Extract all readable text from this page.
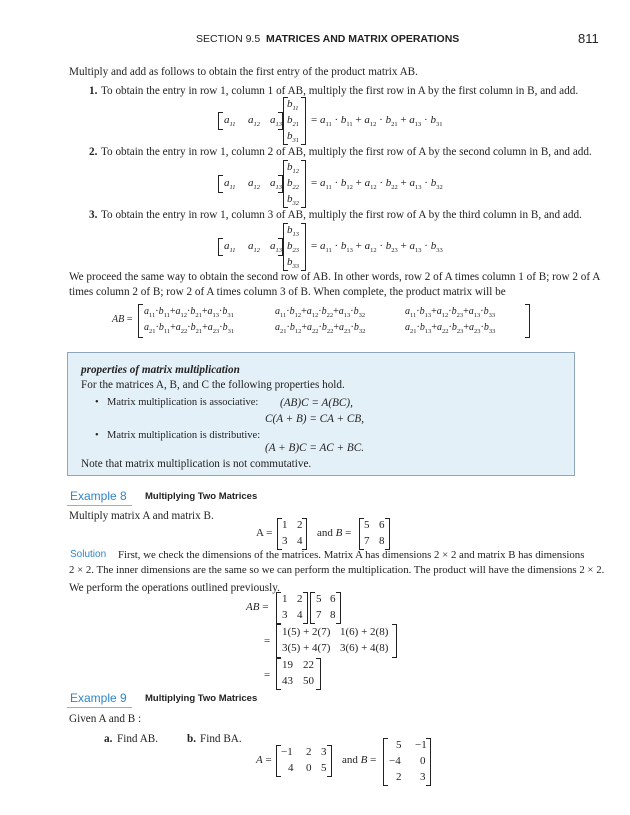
SECTION 9.5 MATRICES AND MATRIX OPERATIONS	811
Multiply and add as follows to obtain the first entry of the product matrix AB.
1. To obtain the entry in row 1, column 1 of AB, multiply the first row in A by the first column in B, and add.
$a_{11}$ $a_{12}$ $a_{13}$
$b_{11}$
$b_{21}$
$b_{31}$
= $a_{11} \cdot b_{11} + a_{12} \cdot b_{21} + a_{13} \cdot b_{31}$
2. To obtain the entry in row 1, column 2 of AB, multiply the first row of A by the second column in B, and add.
$a_{11}$ $a_{12}$ $a_{13}$
$b_{12}$
$b_{22}$
$b_{32}$
= $a_{11} \cdot b_{12} + a_{12} \cdot b_{22} + a_{13} \cdot b_{32}$
3. To obtain the entry in row 1, column 3 of AB, multiply the first row of A by the third column in B, and add.
$a_{11}$ $a_{12}$ $a_{13}$
$b_{13}$
$b_{23}$
$b_{33}$
= $a_{11} \cdot b_{13} + a_{12} \cdot b_{23} + a_{13} \cdot b_{33}$
We proceed the same way to obtain the second row of AB. In other words, row 2 of A times column 1 of B; row 2 of A
times column 2 of B; row 2 of A times column 3 of B. When complete, the product matrix will be
AB =
$a_{11}\cdot b_{11}+a_{12}\cdot b_{21}+a_{13}\cdot b_{31}$
$a_{21}\cdot b_{11}+a_{22}\cdot b_{21}+a_{23}\cdot b_{31}$
$a_{11}\cdot b_{12}+a_{12}\cdot b_{22}+a_{13}\cdot b_{32}$
$a_{21}\cdot b_{12}+a_{22}\cdot b_{22}+a_{23}\cdot b_{32}$
$a_{11}\cdot b_{13}+a_{12}\cdot b_{23}+a_{13}\cdot b_{33}$
$a_{21}\cdot b_{13}+a_{22}\cdot b_{23}+a_{23}\cdot b_{33}$
properties of matrix multiplication
For the matrices A, B, and C the following properties hold.
• Matrix multiplication is associative: (AB)C = A(BC),
C(A + B) = CA + CB,
• Matrix multiplication is distributive:
(A + B)C = AC + BC.
Note that matrix multiplication is not commutative.
Example 8 Multiplying Two Matrices
Multiply matrix A and matrix B.
A =
1 2
3 4
and B =
5 6
7 8
Solution First, we check the dimensions of the matrices. Matrix A has dimensions 2 × 2 and matrix B has dimensions
2 × 2. The inner dimensions are the same so we can perform the multiplication. The product will have the dimensions 2 × 2.
We perform the operations outlined previously.
AB =
1 2
3 4
5 6
7 8
=
1(5) + 2(7) 1(6) + 2(8)
3(5) + 4(7) 3(6) + 4(8)
=
19 22
43 50
Example 9 Multiplying Two Matrices
Given A and B :
a. Find AB.	b. Find BA.
A =
−1 2 3
4 0 5
and B =
5 −1
−4 0
2 3
